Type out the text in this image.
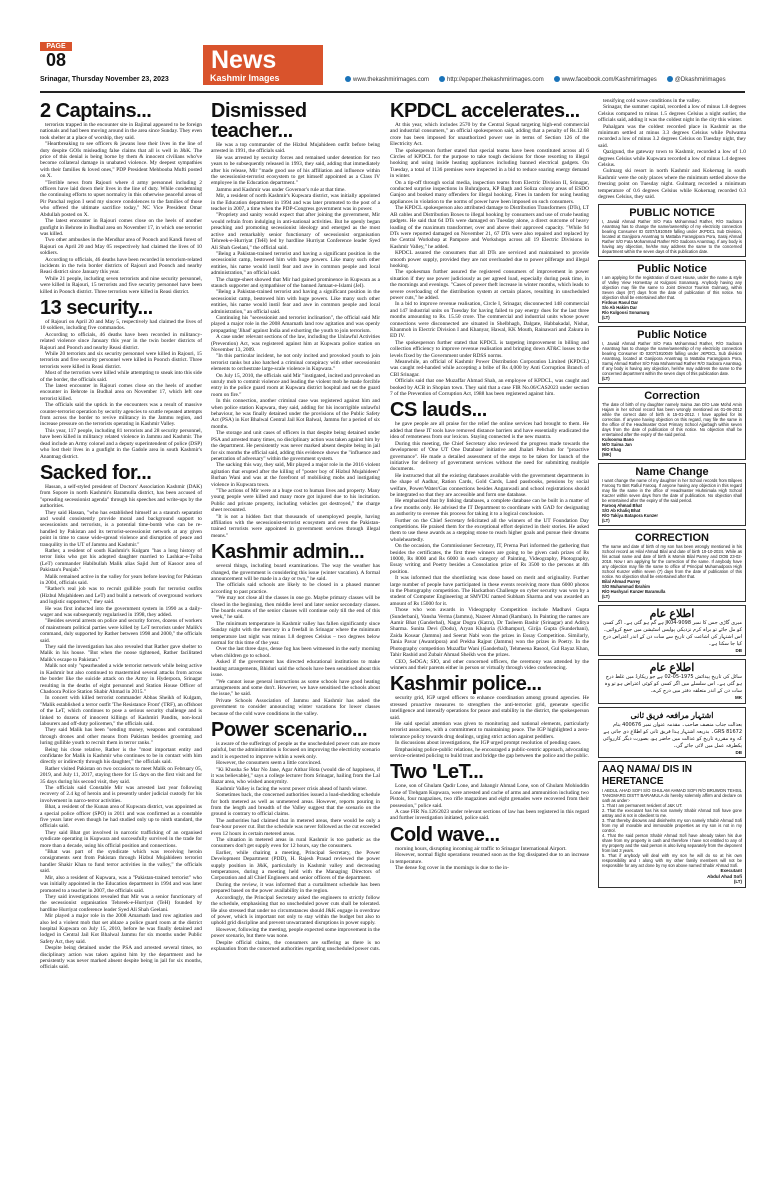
PAGE
08
Srinagar, Thursday November 23, 2023
News
Kashmir Images	www.thekashmirimages.com	http://epaper.thekashmirimages.com	www.facebook.com/KashmirImages	@Dkashmirimages
2 Captains...

terrorists trapped in the encounter site in Bajimal appeared to be foreign nationals and had been moving around in the area since Sunday. They even took shelter at a place of worship, they said.

"Heartbreaking to see officers & jawans lose their lives in the line of duty despite GOIs misleading false claims that all is well in J&K. The price of this denial is being borne by them & innocent civilians who've become collateral damage in unabated violence. My deepest sympathies with their families & loved ones," PDP President Mehbooba Mufti posted on X.

"Terrible news from Rajouri where 4 army personnel including 2 officers have laid down their lives in the line of duty. While condemning the continuing efforts to upset normalcy in this otherwise peaceful areas of Pir Panchal region I send my sincere condolences to the families of those who offered the ultimate sacrifice today," NC Vice President Omar Abdullah posted on X.

The latest encounter in Rajouri comes close on the heels of another gunfight in Behrote in Budhal area on November 17, in which one terrorist was killed.

Two other ambushes in the Mendhar area of Poonch and Kandi forest of Rajouri on April 20 and May 05 respectively had claimed the lives of 10 soldiers.

According to officials, 46 deaths have been recorded in terrorism-related incidents in the twin border districts of Rajouri and Poonch and nearby Reasi district since January this year.

While 21 people, including seven terrorists and nine security personnel, were killed in Rajouri, 15 terrorists and five security personnel have been killed in Poonch district. Three terrorists were killed in Reasi district.

13 security...

of Rajouri on April 20 and May 5, respectively had claimed the lives of 10 soldiers, including five commandos.

According to officials, 46 deaths have been recorded in militancy-related violence since January this year in the twin border districts of Rajouri and Poonch and nearby Reasi district.

While 20 terrorists and six security personnel were killed in Rajouri, 15 terrorists and five security personnel were killed in Poonch district. Three terrorists were killed in Reasi district.

Most of the terrorists were killed while attempting to sneak into this side of the border, the officials said.

The latest encounter in Rajouri comes close on the heels of another encounter in Behrote in Budhal area on November 17, which left one terrorist killed.

The officials said the uptick in the encounters was a result of massive counter-terrorist operation by security agencies to scuttle repeated attempts from across the border to revive militancy in the Jammu region, and increase pressure on the terrorists operating in Kashmir Valley.

This year, 117 people, including 81 terrorists and 28 security personnel, have been killed in militancy related violence in Jammu and Kashmir. The dead include an Army colonel and a deputy superintendent of police (DSP) who lost their lives in a gunfight in the Gadole area in south Kashmir's Anantnag district.

Sacked for...

Hassan, a self-styled president of Doctors' Association Kashmir (DAK) from Sopore in north Kashmir's Baramulla district, has been accused of "spreading secessionist agenda" through his speeches and write-ups by the authorities.

They said Hassan, "who has established himself as a staunch separatist and would consistently provide moral and background support to secessionists and terrorists, is a potential time-bomb who can be re-handled by Pakistan and its terrorist-secessionist network at any given point in time to cause wide-spread violence and disruption of peace and tranquility in the UT of Jammu and Kashmir."

Rather, a resident of south Kashmir's Kulgam "has a long history of terror links who got his adopted daughter married to Lashkar-e-Toiba (LeT) commander Habibullah Malik alias Sajid Jutt of Kasoor area of Pakistan's Punjab."

Malik remained active in the valley for years before leaving for Pakistan in 2004, officials said.

"Rather's real job was to recruit gullible youth for terrorist outfits (Hizbul Mujahideen and LeT) and build a network of overground workers and logistic supporters," they said.

He was first inducted into the government system in 1990 as a daily-wager and was subsequently regularised in 1998, they added.

"Besides several arrests on police and security forces, dozens of workers of mainstream political parties were killed by LeT terrorists under Malik's command, duly supported by Rather between 1998 and 2000," the officials said.

They said the investigation has also revealed that Rather gave shelter to Malik in his house. "But when the noose tightened, Rather facilitated Malik's escape to Pakistan."

Malik not only "spearheaded a wide terrorist network while being active in Kashmir but also continued to mastermind several attacks from across the border like the suicide attack on the Army in Hyderpora, Srinagar resulting in the deaths of eight personnel and Station House Officer of Chadoora Police Station Shabir Ahmad in 2015."

In concert with killed terrorist commander Abbas Sheikh of Kulgam, "Malik established a terror outfit 'The Resistance Front' (TRF), an offshoot of the LeT, which continues to pose a serious security challenge and is linked to dozens of innocent killings of Kashmiri Pandits, non-local labourers and off-duty policemen," the officials said.

They said Malik has been "sending money, weapons and contraband through drones and other means from Pakistan besides grooming and luring gullible youth to recruit them in terror ranks."

Being his close relative, Rather is the "most important entity and confidante for Malik in Kashmir who continues to be in contact with him directly or indirectly through his daughter," the officials said.

Rather visited Pakistan on two occasions to meet Malik on February 05, 2019, and July 11, 2017, staying there for 15 days on the first visit and for 35 days during his second visit, they said.

The officials said Constable Mir was arrested last year following recovery of 2.4 kg of heroin and is presently under judicial custody for his involvement in narco-terror activities.

Bhat, a resident of the Kunan area of Kupwara district, was appointed as a special police officer (SPO) in 2011 and was confirmed as a constable five years later even though he had studied only up to ninth standard, the officials said.

They said Bhat got involved in narcotic trafficking of an organised syndicate operating in Kupwara and successfully survived in the trade for more than a decade, using his official position and connections.

"Bhat was part of the syndicate which was receiving heroin consignments sent from Pakistan through Hizbul Mujahideen terrorist handler Shakir Khan to fund terror activities in the valley," the officials said.

Mir, also a resident of Kupwara, was a "Pakistan-trained terrorist" who was initially appointed in the Education department in 1994 and was later promoted to a teacher in 2007, the officials said.

They said investigations revealed that Mir was a senior functionary of the secessionist organisation Tehreek-e-Hurriyat (TeH) founded by hardline Hurriyat conference leader Syed Ali Shah Geelani.

Mir played a major role in the 2008 Amarnath land row agitation and also led a violent mob that set ablaze a police guard room at the district hospital Kupwara on July 15, 2010, before he was finally detained and lodged in Central Jail Kot Bhalwal Jammu for six months under Public Safety Act, they said.

Despite being detained under the PSA and arrested several times, no disciplinary action was taken against him by the department and he persistently was never marked absent despite being in jail for six months, officials said.

Dismissed teacher...

He was a top commander of the Hizbul Mujahideen outfit before being arrested in 1991, the officials said.

He was arrested by security forces and remained under detention for two years to be subsequently released in 1993, they said, adding that immediately after his release, Mir "made good use of his affiliation and influence within the secessionist-terrorist ecosystem to get himself appointed as a Class IV employee in the Education department."

Jammu and Kashmir was under Governor's rule at that time.

Mir, a resident of north Kashmir's Kupwara district, was initially appointed in the Education department in 1994 and was later promoted to the post of a teacher in 2007, a time when the PDP-Congress government was in power.

"Propriety and sanity would expect that after joining the government, Mir would refrain from indulging in anti-national activities. But he openly began preaching and promoting secessionist ideology and emerged as the most active and remarkably senior functionary of secessionist organisation Tehreek-e-Hurriyat (TeH) led by hardline Hurriyat Conference leader Syed Ali Shah Geelani," the official said.

"Being a Pakistan-trained terrorist and having a significant position in the secessionist camp, bestowed him with huge powers. Like many such other entities, his name would instil fear and awe in common people and local administration," an official said.

The charge-sheet showed that Mir had gained prominence in Kupwara as a staunch supporter and sympathiser of the banned Jamaat-e-Islami (JeI).

"Being a Pakistan-trained terrorist and having a significant position in the secessionist camp, bestowed him with huge powers. Like many such other entities, his name would instil fear and awe in common people and local administration," an official said.

Continuing his "secessionist and terrorist inclination", the official said Mir played a major role in the 2008 Amarnath land row agitation and was openly propagating 'Jihad' against India and exhorting the youth to join terrorism.

A case under relevant sections of the law, including the Unlawful Activities (Prevention) Act, was registered against him at Kupwara police station on November 13, 2009.

"In this particular incident, he not only incited and provoked youth to join terrorist ranks but also hatched a criminal conspiracy with other secessionist elements to orchestrate large-scale violence in Kupwara."

On July 15, 2010, the officials said Mir "instigated, incited and provoked an unruly mob to commit violence and leading the violent mob he made forcible entry in the police guard room at Kupwara district hospital and set the guard room on fire."

In this connection, another criminal case was registered against him and when police station Kupwara, they said, adding for his incorrigible unlawful behaviour, he was finally detained under the provisions of the Public Safety Act (PSA) in Kot Bhalwal Central Jail Kot Balwal, Jammu for a period of six months.

The storage and unit cases of officers in that despite being detained under PSA and arrested many times, no disciplinary action was taken against him by the department. He persistently was never marked absent despite being in jail for six months the official said, adding this evidence shows the "influence and penetration of adversary" within the government system.

The sacking this way, they said, Mir played a major role in the 2016 violent agitation that erupted after the killing of "poster boy of Hizbul Mujahideen" Burhan Wani and was at the forefront of mobilising mobs and instigating violence in Kupwara town.

"The actions of Mir were at a huge cost to human lives and property. Many young people were killed and many more got injured due to his incitation. Public and private property, including vehicles got destroyed," the charge sheet recounted.

"It is not a hidden fact that thousands of unemployed people, having affiliation with the secessionist-terrorist ecosystem and even the Pakistan-trained terrorists were appointed in government services through illegal means."

Kashmir admin...

several things, including board examinations. The way the weather has changed, the government is considering this issue (winter vacation). A formal announcement will be made in a day or two," he said.

The officials said schools are likely to be closed in a phased manner according to past practice.

"We may not close all the classes in one go. Maybe primary classes will be closed in the beginning, then middle level and later senior secondary classes. The boards exams of the senior classes will continue only till the end of this week," he said.

The minimum temperature in Kashmir valley has fallen significantly since Sunday night with the mercury in a freefall in Srinagar where the minimum temperature last night was minus 1.8 degrees Celsius – two degrees below normal for this time of the year.

Over the last three days, dense fog has been witnessed in the early morning when children go to school.

Asked if the government has directed educational institutions to make heating arrangements, Bhiduri said the schools have been sensitised about this issue.

"We cannot issue general instructions as some schools have good heating arrangements and some don't. However, we have sensitised the schools about the issue," he said.

Private Schools Association of Jammu and Kashmir has asked the government to consider announcing winter vacations for lower classes because of the cold wave conditions in the valley.

Power scenario...

is aware of the sufferings of people as the unscheduled power cuts are more painful, but the administration is focused on improving the electricity scenario and it is expected to improve within a week only.

However, the consumers seem a little convinced.

"Ki Khusha Se Mar No Jane, Agar Aitbar Hota (would die of happiness, if it was believable)," says a college lecturer from Srinagar, hailing from the Lal Bazar area, who wished anonymity.

Kashmir Valley is facing the worst power crisis ahead of harsh winter.

Sometimes back, the concerned authorities issued a load-shedding schedule for both metered as well as unmetered areas. However, reports pouring in from the length and breadth of the Valley suggest that the scenario on the ground is contrary to official claims.

The authorities had claimed that in metered areas, there would be only a four-hour power cut. But the schedule was never followed as the cut exceeded even 12 hours in certain metered areas.

The situation in metered areas in rural Kashmir is too pathetic as the consumers don't get supply even for 12 hours, say the consumers.

Earlier, while chairing a meeting, Principal Secretary, the Power Development Department (PDD), H. Rajesh Prasad reviewed the power supply position in J&K, particularly in Kashmir valley and decreasing temperatures, during a meeting held with the Managing Directors of Corporation and all Chief Engineers and senior officers of the department.

During the review, it was informed that a curtailment schedule has been prepared based on the power availability in the region.

Accordingly, the Principal Secretary asked the engineers to strictly follow the schedule, emphasising that no unscheduled power cuts shall be tolerated. He also stressed that under no circumstances should J&K engage in overdraw of power, which is important not only to stay within the budget but also to uphold grid discipline and prevent unwarranted disruptions in power supply.

However, following the meeting, people expected some improvement in the power scenario, but there was none.

Despite official claims, the consumers are suffering as there is no explanation from the concerned authorities regarding unscheduled power cuts.

KPDCL accelerates...

At this year, which includes 2570 by the Central Squad targeting high-end commercial and industrial consumers," an official spokesperson said, adding that a penalty of Rs.12.68 crore has been imposed for unauthorized power use in terms of Section 126 of the Electricity Act.

The spokesperson further stated that special teams have been constituted across all 6 Circles of KPDCL for the purpose to take tough decisions for those resorting to illegal hooking and using inside heating appliances including banned electrical gadgets. On Tuesday, a total of 1136 premises were inspected in a bid to reduce soaring energy demand in winter.

On a tip-off through social media, inspection teams from Electric Division II, Srinagar, conducted surprise inspections in Buhrajpora, KP Bagh and Soliza colony areas of ESDO Ganjoo and booked many offenders for illegal hooking. Fines in tandem for using heating appliances in violation to the norms of power have been imposed on such consumers.

The KPDCL spokesperson also attributed damage to Distribution Transformers (DTs), LT AB cables and Distribution Boxes to illegal hooking by consumers and use of crude heating gadgets. He said that 64 DTs were damaged on Tuesday alone, a direct outcome of heavy loading of the maximum transformer, over and above their approved capacity. "While 94 DTs were reported damaged on November 21, 67 DTs were also repaired and replaced by the Central Workshop at Pampore and Workshops across all 19 Electric Divisions in Kashmir Valley," he added.

KPDCL assured the consumers that all DTs are serviced and maintained to provide smooth power supply, provided they are not overloaded due to power pilferage and illegal hooking.

The spokesman further assured the registered consumers of improvement in power situation if they use power judiciously as per agreed load, especially during peak time, in the mornings and evenings. "Cases of power theft increase in winter months, which leads to severe overloading of the distribution system at certain places, resulting in unscheduled power cuts," he added.

In a bid to improve revenue realisation, Circle I, Srinagar, disconnected 148 commercial and 147 industrial units on Tuesday for having failed to pay energy dues for the last three months amounting to Rs. 15.50 crore. The commercial and industrial units whose power connections were disconnected are situated in Shelbhagh, Dalgate, Habbakadal, Nishat, Khanmoh in Electric Division I and Khanyar, Hawal, KK Mouth, Rainawari and Zakura in ED IV.

The spokesperson further stated that KPDCL is targeting improvement in billing and collection efficiency to improve revenue realisation and bringing down AT&C losses to the levels fixed by the Government under RDSS norms.

Meanwhile, an official of Kashmir Power Distribution Corporation Limited (KPDCL) was caught red-handed while accepting a bribe of Rs 4,000 by Anti Corruption Branch of CBI Srinagar.

Officials said that one Muzaffar Ahmad Shah, an employee of KPDCL, was caught and booked by ACB in Shopian town. They said that a case FIR No.06/CAS2023 under section 7 of the Prevention of Corruption Act, 1988 has been registered against him.

CS lauds...

he gave people are all praise for the relief the online services had brought to them. He added that these IT tools have removed distance barriers and have essentially eradicated the idea of remoteness from our lexicon. Staying connected is the new mantra.

During this meeting, the Chief Secretary also reviewed the progress made towards the development of 'One UT One Database' initiative and Jhalari Pehchan for "proactive governance". He made a detailed assessment of the steps to be taken for launch of the initiative for delivery of government services without the need for submitting multiple documents.

He instructed that all the existing databases available with the government departments in the shape of Aadhar, Ration Cards, Gold Cards, Land passbooks, pensions by social welfare, Power/Water/Gas connections besides Anganwadi and school registrations should be integrated so that they are accessible and form one database.

He emphasized that by linking databases, a complete database can be built in a matter of a few months only. He advised the IT Department to coordinate with GAD for designating an authority to oversee this process for taking it to a logical conclusion.

Further on the Chief Secretary felicitated all the winners of the UT Foundation Day competitions. He praised them for the exceptional effort depicted in their stories. He asked them to use these awards as a stepping stone to reach higher goals and pursue their dreams wholeheartedly.

On the occasion, the Commissioner Secretary, IT, Prerna Puri informed the gathering that besides the certificates, the first three winners are going to be given cash prizes of Rs 10000, Rs 8000 and Rs 6000 in each category of Painting, Videography, Photography, Essay writing and Poetry besides a Consolation prize of Rs 3500 to the persons at 4th position.

It was informed that the shortlisting was done based on merit and originality. Further large number of people have participated in these events receiving more than 6000 photos in the Photography competition. The Hackathon Challenge on cyber security was won by a student of Computer Engineering at SMVDU named Subham Sharma and was awarded an amount of Rs 15000 for it.

Those who won awards in Videography Competition include Madhavi Gupta (Sunderbani), Vansha Verma (Jammu), Nazeer Ahmad (Ramban). In Painting the names are Aamir Bhat (Ganderbal), Nagar Dogra (Katra), Dr Tasleem Bashir (Srinagar) and Aditya Sharma. Sunita Devi (Dodu), Aryan Khajuria (Udhampur), Girija Gupta (Sunderbani), Zaida Kousar (Jammu) and Seerat Nabi won the prizes in Essay Competition. Similarly, Tania Pavar (Awantipora) and Prekha Rajput (Jammu) won the prizes in Poetry. In the Photography competition Muzaffar Wani (Ganderbal), Tehmeena Rasool, Gul Rayaz Khan, Tahir Rashid and Zubair Ahmad Sheikh won the prizes.

CEO, SeDGA; SIO, and other concerned officers, the ceremony was attended by the winners and their parents either in person or virtually through video conferencing.

Kashmir police...

security grid, IGP urged officers to enhance coordination among ground agencies. He stressed proactive measures to strengthen the anti-terrorist grid, generate specific intelligence and intensify operations for peace and stability in the district, the spokesperson said.

He said special attention was given to monitoring and national elements, particularly terrorist associates, with a commitment to maintaining peace. The IGP highlighted a zero-tolerance policy towards drug dealings, urging strict action against peddlers.

In discussions about investigations, the IGP urged prompt resolution of pending cases.

Emphasising police-public relations, he encouraged a public-centric approach, advocating service-oriented policing to build trust and bridge the gap between the police and the public.

Two 'LeT...

Lone, son of Ghulam Qadir Lone, and Jahangir Ahmad Lone, son of Ghulam Mohiuddin Lone of Trehgam Kupwara, were arrested and cache of arms and ammunition including two Pistols, four magazines, two rifle magazines and eight grenades were recovered from their possession," police said.

A case FIR No.126/2023 under relevant sections of law has been registered in this regard and further investigation initiated, police said.

Cold wave...

morning hours, disrupting incoming air traffic to Srinagar International Airport.

However, normal flight operations resumed soon as the fog dissipated due to an increase in temperature.

The dense fog cover in the mornings is due to the in-

tensifying cold wave conditions in the valley.

Srinagar, the summer capital, recorded a low of minus 1.8 degrees Celsius compared to minus 1.5 degrees Celsius a night earlier, the officials said, adding it was the coldest night in the city this winter.

Pahalgam was the coldest recorded place in Kashmir as the minimum settled at minus 3.3 degrees Celsius while Pulwama recorded a low of minus 3.2 degrees Celsius on Tuesday night, they said.

Qazigund, the gateway town to Kashmir, recorded a low of 1.0 degrees Celsius while Kupwara recorded a low of minus 1.4 degrees Celsius.

Gulmarg ski resort in north Kashmir and Kokernag in south Kashmir were the only places where the minimum settled above the freezing point on Tuesday night. Gulmarg recorded a minimum temperature of 0.6 degrees Celsius while Kokernag recorded 0.3 degrees Celsius, they said.

PUBLIC NOTICE
I, Javaid Ahmad Rather S/O Fata Mohammad Rather, R/O Sadoora Anantnag has to change the name/ownership of my electricity connection bearing Consumer ID 0207/1910049 falling under JKPDCL Sub Division, located at Ganjipora Anantnag to Mattaba Farangipora Pora, Saraj Ahmad Rather S/O Fata Mohammad Rather R/O Sadoora Anantnag. If any body is having any objection, he/she may address the same to the concerned department within the seven days of this publication date.
Public Notice
I am applying for the registration of Guest House, under the name & style of Valley View Homestay at Kulgoosi Sonamarg. Anybody having any objection may file the same to Joint Director Tourism Gulmarg, within Seven days (07) days from the date of publication of this notice. No objection shall be entertained after that.
Firdous Rasul Dar
S/o Ab Hakim Dar
R/o Kulgoosi Sonamarg
(LT)
Public Notice
I, Javaid Ahmad Rather S/O Fata Mohammad Rather, R/O Sadoora Anantnag has to change the name/ownership of my electricity connection bearing Consumer ID 0207/1910049 falling under JKPDCL Sub division Anantnag, located at Ganjipora Anantnag to Mattaba Farangipora Pora, Sarraj Ahmad Rather S/O Fata Mohammad Rather R/O Sadoora Anantnag. If any body is having any objection, he/she may address the same to the concerned department within the seven days of this publication date.
(LT)
Correction
The date of birth of my daughter namely Saima Jan D/O Late Mohd Amin Hajam in her school record has been wrongly mentioned as 01-06-2012 while the correct date of birth is 15-01-2012. I have applied for its correction. If anyone having objection on this regard, may file the same in the office of the Headmaster Govt Primary School Ajjarbagh within seven days from the date of publication of this notice. No objection shall be entertained after the expiry of the said period.
Kulsooma Bano
M/O Saima Jan
R/O Khag
(MK)
Name Change
I want change the name of my daughter in her School records from Bilqees Farooq To Bint Rafiul Farooq. If anyone having any objection in this regard may file the same in the office of Headmaster Hiuhnimala High School Kaczer within seven days from the date of publication. No objection shall be entertained after the expiry of the said period.
Farooq Ahmad Bhat
S/O Ab Khaliq Bhat
R/O Takiya Batapora Kunzer
(LT)
CORRECTION
The name and date of birth of my son has been wrongly mentioned in his School record as Hilal Ahmad Bilal and date of birth 10-10-2024. While as his actual name and date of birth is Momin Bilal Parrey and DOB 23-02-2018. Now I am applying for the correction of the same. If anybody have any objection may file the same to office of Principal Muhamadpora High School Kunzer within seven (7) days from the date of publication of this notice. No objection shall be entertained after that.
Bilal Ahmad Parrey
S/O Muhammad Ibrahim
R/O Hushyari Kunzer Baramulla
(LT)
اطلاع عام
میری گاڑی جس کا نمبر JK04-9098 ہے گم ہو گئی ہے۔ اگر کسی کو مل جائے تو براہ کرم نزدیکی پولیس اسٹیشن میں جمع کروائیں۔ اس اشتہار کی اشاعت کی تاریخ سے سات دن کے اندر اعتراض درج کیا جا سکتا ہے۔
DB
اطلاع عام
سائل کی تاریخ پیدائش 1975-05-02 ہے جو ریکارڈ میں غلط درج ہو گئی ہے۔ اس سلسلے میں اگر کسی کو کوئی اعتراض ہو تو وہ سات دن کے اندر متعلقہ دفتر میں درج کرے۔
MK
اشتہار مرافعہ فریق ثانی
بعدالت جناب منصف صاحب۔ مقدمہ عنوان نمبر 400676 بنام 81672 GRS۔ بذریعہ اشتہار ہذا فریق ثانی کو اطلاع دی جاتی ہے کہ وہ مقررہ تاریخ کو عدالت میں حاضر ہو، بصورت دیگر کارروائی یکطرفہ عمل میں لائی جائے گی۔
DB
AAQ NAMA/ DIS IN HERETANCE
I ABDUL AHAD SOFI S/O GHULAM AHMAD SOFI R/O BRUWON TEHSIL TANGMARG DISTT BARAMULA do hereby solemnly affirm and declare on oath as under:-
1. That I am permanent resident of J&K UT.
2. That the executant has his son namely Shabir Ahmad Sofi have gone astray and is not in obedient to me.
3. That thereby disowns and disinherits my son namely Shabir Ahmad Sofi from my all movable and immovable properties as my son is not in my control.
4. That the said person Shabir Ahmad Sofi have already taken his due share from my property in cash and therefore I have not entitled to any of my property and the said person is also living separately from the deponent from last 3 years.
5. That if anybody will deal with my son he will do so at his own responsibility and I along with my other family members will not be responsible for any act done by my son above named Shabir Ahmad Sofi.
Executant
Abdul Ahad Sofi
(LT)
